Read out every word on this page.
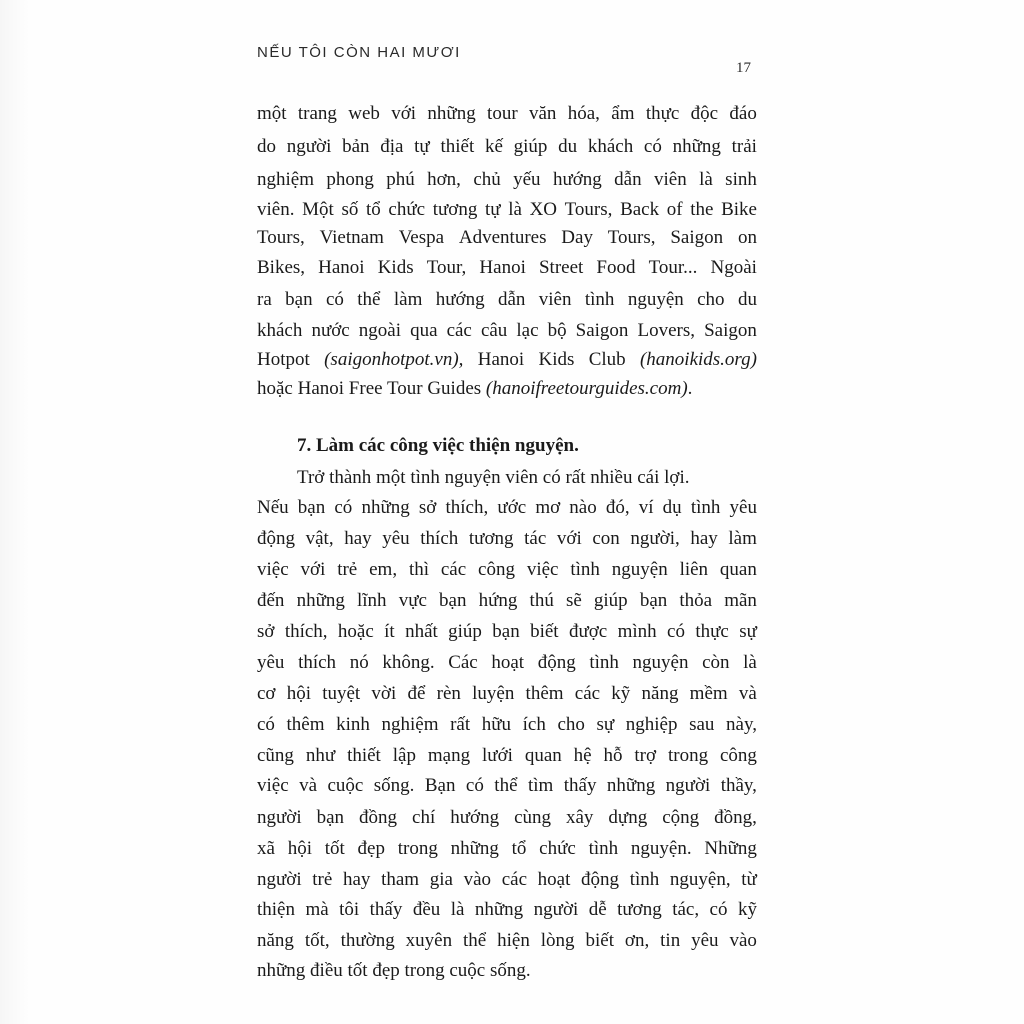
NẾU TÔI CÒN HAI MƯƠI
17
một trang web với những tour văn hóa, ẩm thực độc đáo
do người bản địa tự thiết kế giúp du khách có những trải
nghiệm phong phú hơn, chủ yếu hướng dẫn viên là sinh
viên. Một số tổ chức tương tự là XO Tours, Back of the Bike
Tours, Vietnam Vespa Adventures Day Tours, Saigon on
Bikes, Hanoi Kids Tour, Hanoi Street Food Tour... Ngoài
ra bạn có thể làm hướng dẫn viên tình nguyện cho du
khách nước ngoài qua các câu lạc bộ Saigon Lovers, Saigon
Hotpot (saigonhotpot.vn), Hanoi Kids Club (hanoikids.org)
hoặc Hanoi Free Tour Guides (hanoifreetourguides.com).
7. Làm các công việc thiện nguyện.
Trở thành một tình nguyện viên có rất nhiều cái lợi.
Nếu bạn có những sở thích, ước mơ nào đó, ví dụ tình yêu
động vật, hay yêu thích tương tác với con người, hay làm
việc với trẻ em, thì các công việc tình nguyện liên quan
đến những lĩnh vực bạn hứng thú sẽ giúp bạn thỏa mãn
sở thích, hoặc ít nhất giúp bạn biết được mình có thực sự
yêu thích nó không. Các hoạt động tình nguyện còn là
cơ hội tuyệt vời để rèn luyện thêm các kỹ năng mềm và
có thêm kinh nghiệm rất hữu ích cho sự nghiệp sau này,
cũng như thiết lập mạng lưới quan hệ hỗ trợ trong công
việc và cuộc sống. Bạn có thể tìm thấy những người thầy,
người bạn đồng chí hướng cùng xây dựng cộng đồng,
xã hội tốt đẹp trong những tổ chức tình nguyện. Những
người trẻ hay tham gia vào các hoạt động tình nguyện, từ
thiện mà tôi thấy đều là những người dễ tương tác, có kỹ
năng tốt, thường xuyên thể hiện lòng biết ơn, tin yêu vào
những điều tốt đẹp trong cuộc sống.
